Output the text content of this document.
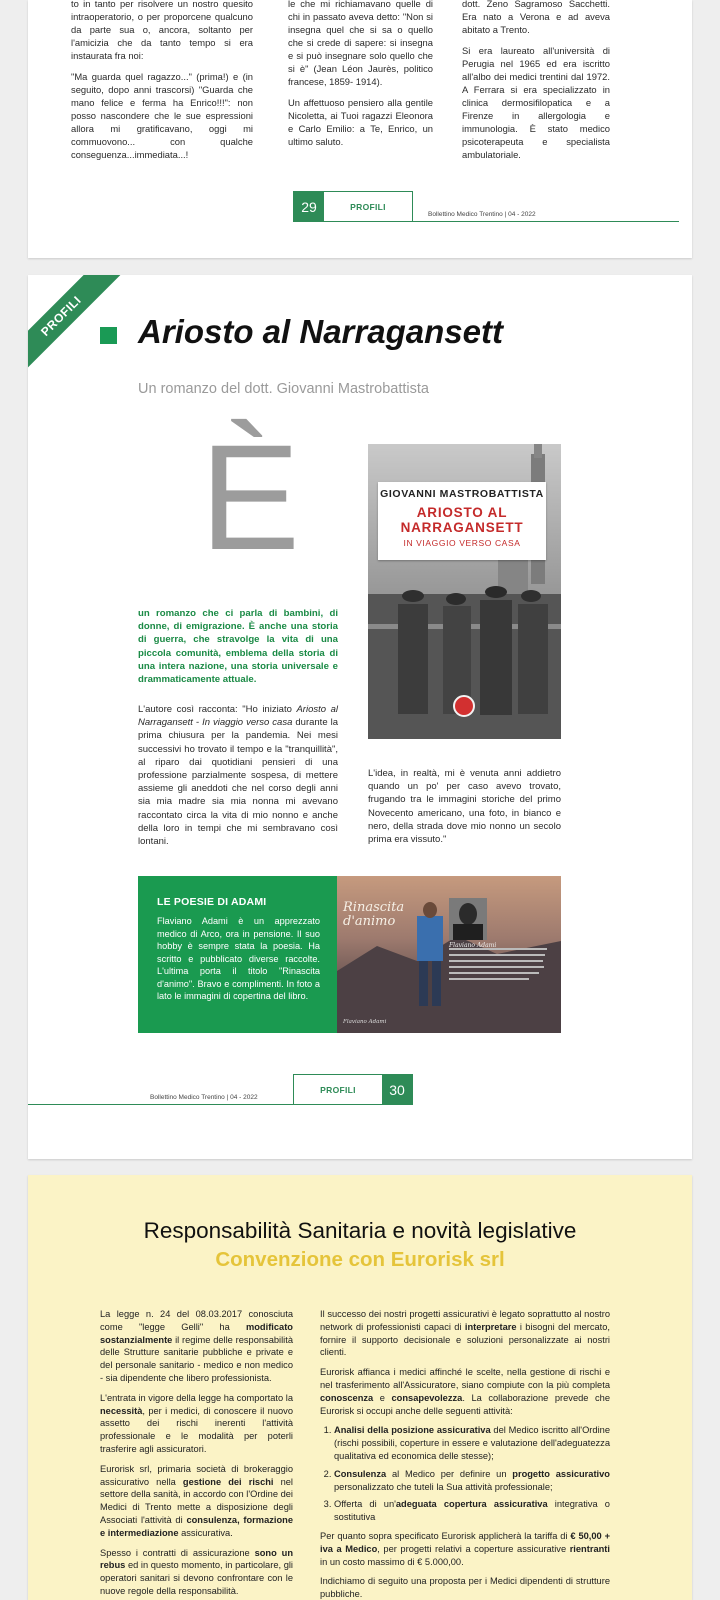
to in tanto per risolvere un nostro quesito intraoperatorio, o per proporcene qualcuno da parte sua o, ancora, soltanto per l'amicizia che da tanto tempo si era instaurata fra noi:

"Ma guarda quel ragazzo..." (prima!) e (in seguito, dopo anni trascorsi) "Guarda che mano felice e ferma ha Enrico!!!": non posso nascondere che le sue espressioni allora mi gratificavano, oggi mi commuovono... con qualche conseguenza...immediata...!

le che mi richiamavano quelle di chi in passato aveva detto: "Non si insegna quel che si sa o quello che si crede di sapere: si insegna e si può insegnare solo quello che si è" (Jean Léon Jaurès, politico francese, 1859- 1914).

Un affettuoso pensiero alla gentile Nicoletta, ai Tuoi ragazzi Eleonora e Carlo Emilio: a Te, Enrico, un ultimo saluto.

dott. Zeno Sagramoso Sacchetti. Era nato a Verona e ad aveva abitato a Trento.

Si era laureato all'università di Perugia nel 1965 ed era iscritto all'albo dei medici trentini dal 1972. A Ferrara si era specializzato in clinica dermosifilopatica e a Firenze in allergologia e immunologia. È stato medico psicoterapeuta e specialista ambulatoriale.

29	PROFILI
Bollettino Medico Trentino | 04 - 2022
PROFILI	Ariosto al Narragansett
Un romanzo del dott. Giovanni Mastrobattista
È
un romanzo che ci parla di bambini, di donne, di emigrazione. È anche una storia di guerra, che stravolge la vita di una piccola comunità, emblema della storia di una intera nazione, una storia universale e drammaticamente attuale.

L'autore così racconta: "Ho iniziato Ariosto al Narragansett - In viaggio verso casa durante la prima chiusura per la pandemia. Nei mesi successivi ho trovato il tempo e la "tranquillità", al riparo dai quotidiani pensieri di una professione parzialmente sospesa, di mettere assieme gli aneddoti che nel corso degli anni sia mia madre sia mia nonna mi avevano raccontato circa la vita di mio nonno e anche della loro in tempi che mi sembravano così lontani.

GIOVANNI MASTROBATTISTA
ARIOSTO AL
NARRAGANSETT
IN VIAGGIO VERSO CASA

L'idea, in realtà, mi è venuta anni addietro quando un po' per caso avevo trovato, frugando tra le immagini storiche del primo Novecento americano, una foto, in bianco e nero, della strada dove mio nonno un secolo prima era vissuto."

LE POESIE DI ADAMI
Flaviano Adami è un apprezzato medico di Arco, ora in pensione. Il suo hobby è sempre stata la poesia. Ha scritto e pubblicato diverse raccolte. L'ultima porta il titolo "Rinascita d'animo". Bravo e complimenti. In foto a lato le immagini di copertina del libro.
Rinascita
d'animo
Flaviano Adami
Flaviano Adami
PROFILI	30
Bollettino Medico Trentino | 04 - 2022
Responsabilità Sanitaria e novità legislative
Convenzione con Eurorisk srl

La legge n. 24 del 08.03.2017 conosciuta come "legge Gelli" ha modificato sostanzialmente il regime delle responsabilità delle Strutture sanitarie pubbliche e private e del personale sanitario - medico e non medico - sia dipendente che libero professionista.

L'entrata in vigore della legge ha comportato la necessità, per i medici, di conoscere il nuovo assetto dei rischi inerenti l'attività professionale e le modalità per poterli trasferire agli assicuratori.

Eurorisk srl, primaria società di brokeraggio assicurativo nella gestione dei rischi nel settore della sanità, in accordo con l'Ordine dei Medici di Trento mette a disposizione degli Associati l'attività di consulenza, formazione e intermediazione assicurativa.

Spesso i contratti di assicurazione sono un rebus ed in questo momento, in particolare, gli operatori sanitari si devono confrontare con le nuove regole della responsabilità.

Il successo dei nostri progetti assicurativi è legato soprattutto al nostro network di professionisti capaci di interpretare i bisogni del mercato, fornire il supporto decisionale e soluzioni personalizzate ai nostri clienti.

Eurorisk affianca i medici affinché le scelte, nella gestione di rischi e nel trasferimento all'Assicuratore, siano compiute con la più completa conoscenza e consapevolezza. La collaborazione prevede che Eurorisk si occupi anche delle seguenti attività:

1. Analisi della posizione assicurativa del Medico iscritto all'Ordine (rischi possibili, coperture in essere e valutazione dell'adeguatezza qualitativa ed economica delle stesse);
2. Consulenza al Medico per definire un progetto assicurativo personalizzato che tuteli la Sua attività professionale;
3. Offerta di un'adeguata copertura assicurativa integrativa o sostitutiva

Per quanto sopra specificato Eurorisk applicherà la tariffa di € 50,00 + iva a Medico, per progetti relativi a coperture assicurative rientranti in un costo massimo di € 5.000,00.

Indichiamo di seguito una proposta per i Medici dipendenti di strutture pubbliche.
